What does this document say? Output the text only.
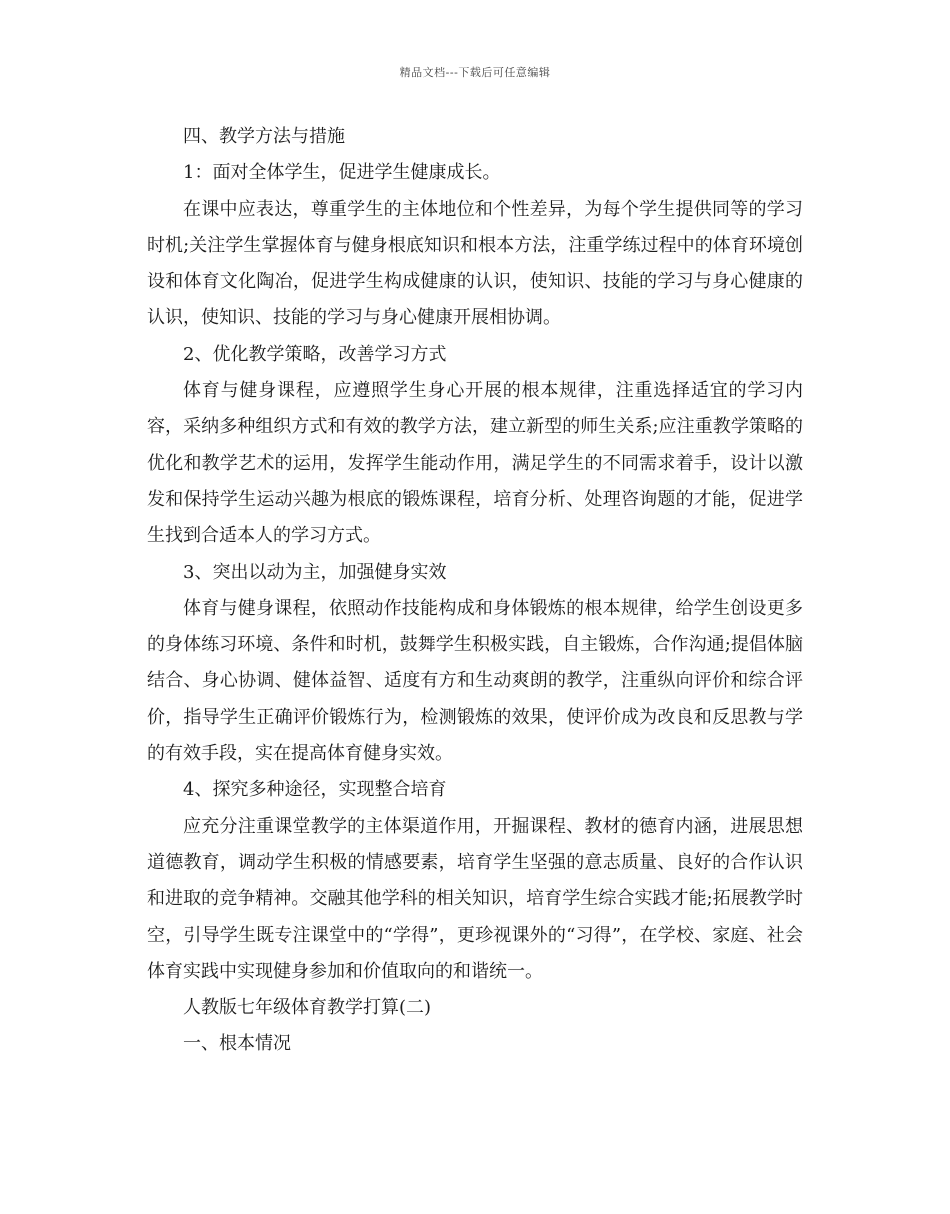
精品文档---下载后可任意编辑

四、教学方法与措施

1：面对全体学生，促进学生健康成长。

在课中应表达，尊重学生的主体地位和个性差异，为每个学生提供同等的学习时机;关注学生掌握体育与健身根底知识和根本方法，注重学练过程中的体育环境创设和体育文化陶冶，促进学生构成健康的认识，使知识、技能的学习与身心健康的认识，使知识、技能的学习与身心健康开展相协调。

2、优化教学策略，改善学习方式

体育与健身课程，应遵照学生身心开展的根本规律，注重选择适宜的学习内容，采纳多种组织方式和有效的教学方法，建立新型的师生关系;应注重教学策略的优化和教学艺术的运用，发挥学生能动作用，满足学生的不同需求着手，设计以激发和保持学生运动兴趣为根底的锻炼课程，培育分析、处理咨询题的才能，促进学生找到合适本人的学习方式。

3、突出以动为主，加强健身实效

体育与健身课程，依照动作技能构成和身体锻炼的根本规律，给学生创设更多的身体练习环境、条件和时机，鼓舞学生积极实践，自主锻炼，合作沟通;提倡体脑结合、身心协调、健体益智、适度有方和生动爽朗的教学，注重纵向评价和综合评价，指导学生正确评价锻炼行为，检测锻炼的效果，使评价成为改良和反思教与学的有效手段，实在提高体育健身实效。

4、探究多种途径，实现整合培育

应充分注重课堂教学的主体渠道作用，开掘课程、教材的德育内涵，进展思想道德教育，调动学生积极的情感要素，培育学生坚强的意志质量、良好的合作认识和进取的竞争精神。交融其他学科的相关知识，培育学生综合实践才能;拓展教学时空，引导学生既专注课堂中的“学得”，更珍视课外的“习得”，在学校、家庭、社会体育实践中实现健身参加和价值取向的和谐统一。

人教版七年级体育教学打算(二)

一、根本情况
